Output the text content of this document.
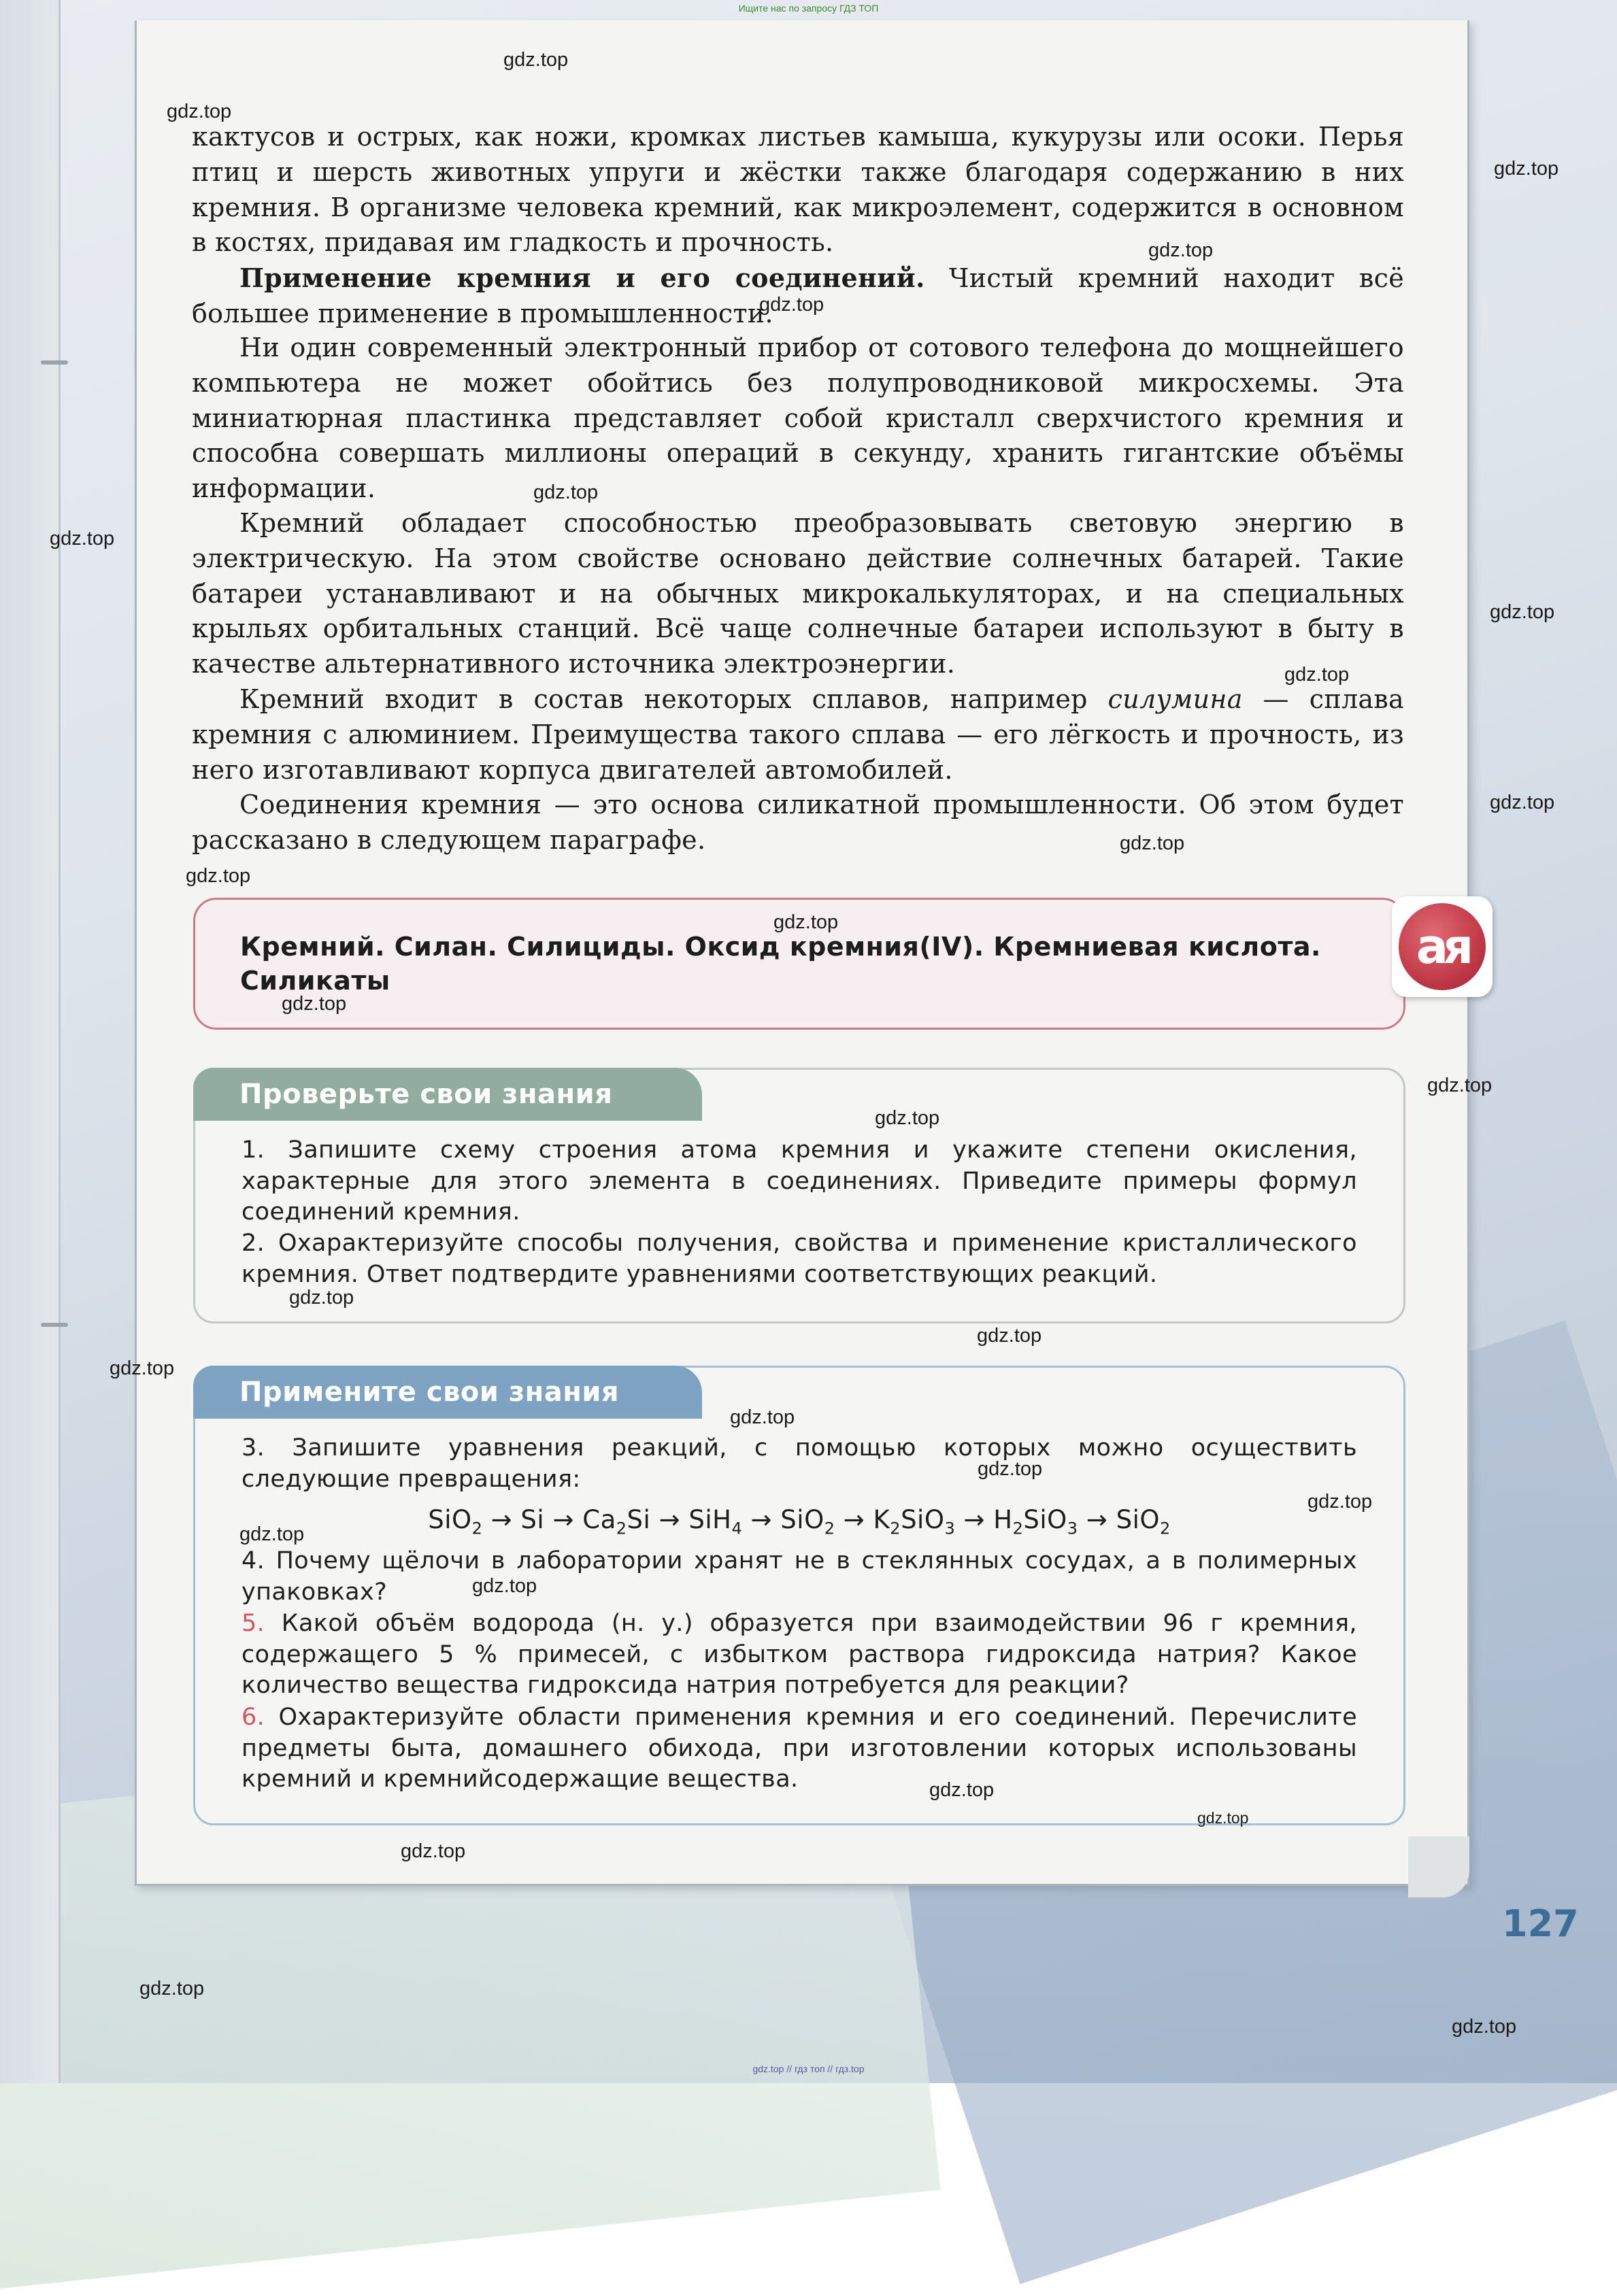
Ищите нас по запросу ГДЗ ТОП
кактусов и острых, как ножи, кромках листьев камыша, кукурузы или осоки. Перья птиц и шерсть животных упруги и жёстки также благодаря содержанию в них кремния. В организме человека кремний, как микроэлемент, содержится в основном в костях, придавая им гладкость и прочность.
Применение кремния и его соединений. Чистый кремний находит всё большее применение в промышленности.
Ни один современный электронный прибор от сотового телефона до мощнейшего компьютера не может обойтись без полупроводниковой микросхемы. Эта миниатюрная пластинка представляет собой кристалл сверхчистого кремния и способна совершать миллионы операций в секунду, хранить гигантские объёмы информации.
Кремний обладает способностью преобразовывать световую энергию в электрическую. На этом свойстве основано действие солнечных батарей. Такие батареи устанавливают и на обычных микрокалькуляторах, и на специальных крыльях орбитальных станций. Всё чаще солнечные батареи используют в быту в качестве альтернативного источника электроэнергии.
Кремний входит в состав некоторых сплавов, например силумина — сплава кремния с алюминием. Преимущества такого сплава — его лёгкость и прочность, из него изготавливают корпуса двигателей автомобилей.
Соединения кремния — это основа силикатной промышленности. Об этом будет рассказано в следующем параграфе.
Кремний. Силан. Силициды. Оксид кремния(IV). Кремниевая кислота. Силикаты
ая
Проверьте свои знания
1. Запишите схему строения атома кремния и укажите степени окисления, характерные для этого элемента в соединениях. Приведите примеры формул соединений кремния.
2. Охарактеризуйте способы получения, свойства и применение кристаллического кремния. Ответ подтвердите уравнениями соответствующих реакций.
Примените свои знания
3. Запишите уравнения реакций, с помощью которых можно осуществить следующие превращения:
$SiO_2 \to Si \to Ca_2Si \to SiH_4 \to SiO_2 \to K_2SiO_3 \to H_2SiO_3 \to SiO_2$
4. Почему щёлочи в лаборатории хранят не в стеклянных сосудах, а в полимерных упаковках?
5. Какой объём водорода (н. у.) образуется при взаимодействии 96 г кремния, содержащего 5 % примесей, с избытком раствора гидроксида натрия? Какое количество вещества гидроксида натрия потребуется для реакции?
6. Охарактеризуйте области применения кремния и его соединений. Перечислите предметы быта, домашнего обихода, при изготовлении которых использованы кремний и кремнийсодержащие вещества.
127
gdz.top // гдз топ // гдз.top
gdz.top
gdz.top
gdz.top
gdz.top
gdz.top
gdz.top
gdz.top
gdz.top
gdz.top
gdz.top
gdz.top
gdz.top
gdz.top
gdz.top
gdz.top
gdz.top
gdz.top
gdz.top
gdz.top
gdz.top
gdz.top
gdz.top
gdz.top
gdz.top
gdz.top
gdz.top
gdz.top
gdz.top
gdz.top
